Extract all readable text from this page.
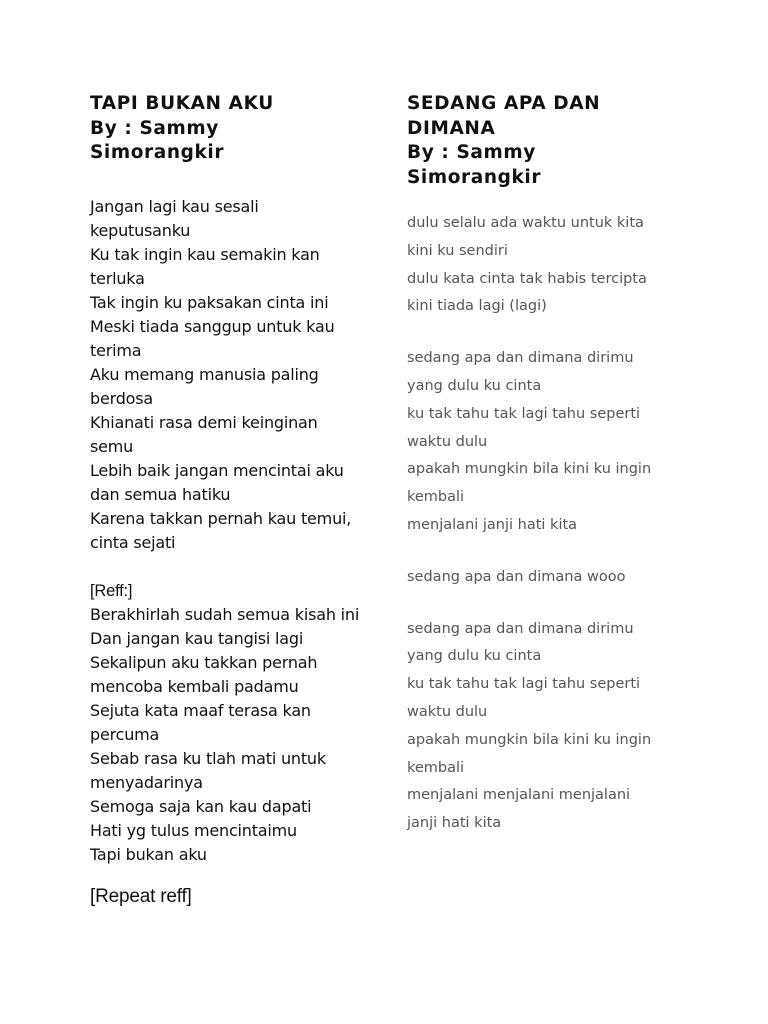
TAPI BUKAN AKU
By : Sammy
Simorangkir
Jangan lagi kau sesali
keputusanku
Ku tak ingin kau semakin kan
terluka
Tak ingin ku paksakan cinta ini
Meski tiada sanggup untuk kau
terima
Aku memang manusia paling
berdosa
Khianati rasa demi keinginan
semu
Lebih baik jangan mencintai aku
dan semua hatiku
Karena takkan pernah kau temui,
cinta sejati
[Reff:]
Berakhirlah sudah semua kisah ini
Dan jangan kau tangisi lagi
Sekalipun aku takkan pernah
mencoba kembali padamu
Sejuta kata maaf terasa kan
percuma
Sebab rasa ku tlah mati untuk
menyadarinya
Semoga saja kan kau dapati
Hati yg tulus mencintaimu
Tapi bukan aku
[Repeat reff]
SEDANG APA DAN
DIMANA
By : Sammy
Simorangkir
dulu selalu ada waktu untuk kita
kini ku sendiri
dulu kata cinta tak habis tercipta
kini tiada lagi (lagi)
sedang apa dan dimana dirimu
yang dulu ku cinta
ku tak tahu tak lagi tahu seperti
waktu dulu
apakah mungkin bila kini ku ingin
kembali
menjalani janji hati kita
sedang apa dan dimana wooo
sedang apa dan dimana dirimu
yang dulu ku cinta
ku tak tahu tak lagi tahu seperti
waktu dulu
apakah mungkin bila kini ku ingin
kembali
menjalani menjalani menjalani
janji hati kita
